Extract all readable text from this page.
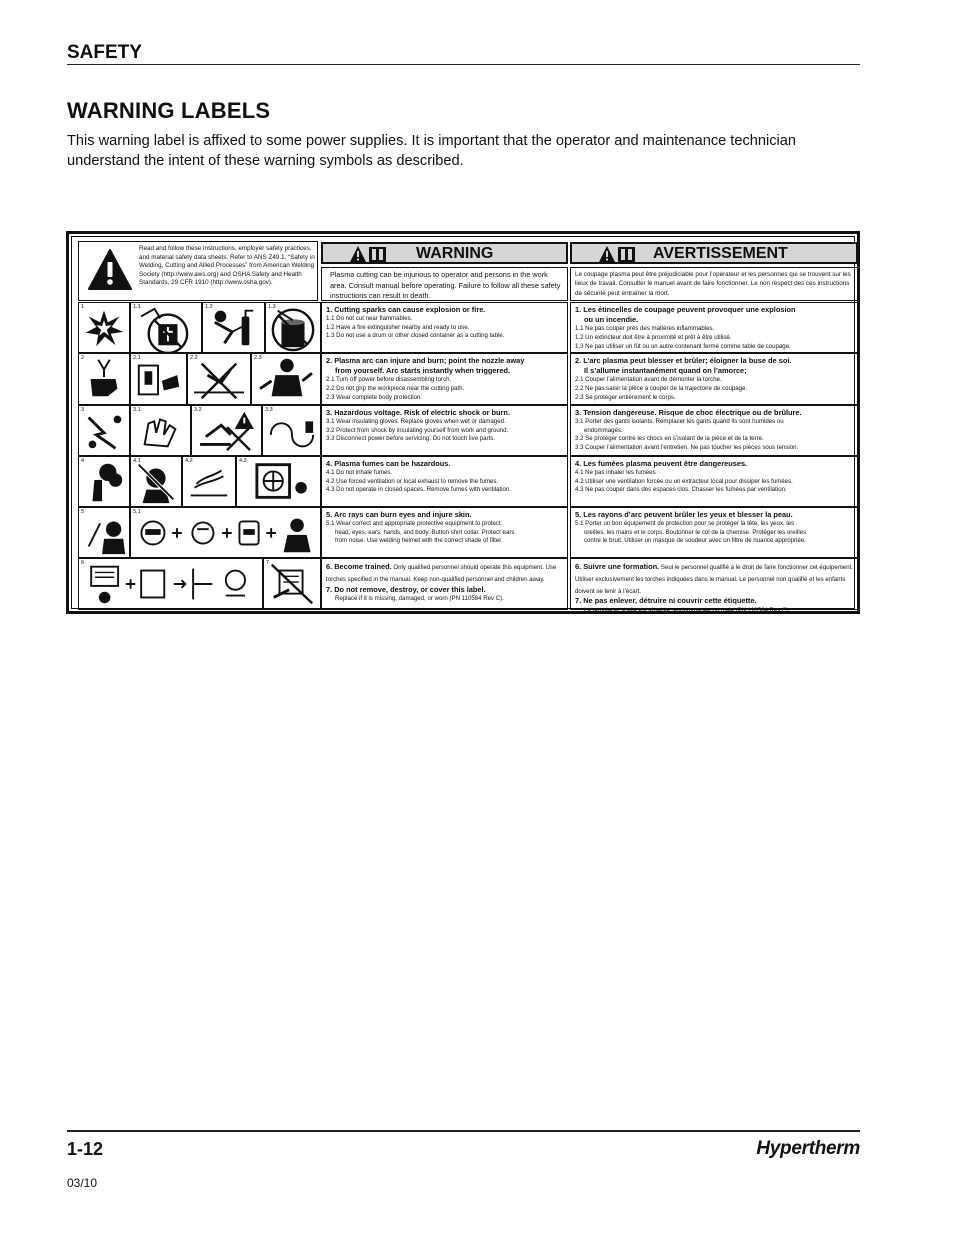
SAFETY
WARNING LABELS
This warning label is affixed to some power supplies. It is important that the operator and maintenance technician understand the intent of these warning symbols as described.
Read and follow these instructions, employer safety practices, and material safety data sheets. Refer to ANS Z49.1, “Safety in Welding, Cutting and Allied Processes” from American Welding Society (http://www.aws.org) and OSHA Safety and Health Standards, 29 CFR 1910 (http://www.osha.gov).
WARNING	AVERTISSEMENT
Plasma cutting can be injurious to operator and persons in the work area. Consult manual before operating. Failure to follow all these safety instructions can result in death.
Le coupage plasma peut être préjudiciable pour l’opérateur et les personnes qui se trouvent sur les lieux de travail. Consulter le manuel avant de faire fonctionner. Le non respect des ces instructions de sécurité peut entraîner la mort.
1	1.1	1.2	1.3	1. Cutting sparks can cause explosion or fire.
1.1 Do not cut near flammables.
1.2 Have a fire extinguisher nearby and ready to use.
1.3 Do not use a drum or other closed container as a cutting table.
1. Les étincelles de coupage peuvent provoquer une explosion
ou un incendie.
1.1 Ne pas couper près des matières inflammables.
1.2 Un extincteur doit être à proximité et prêt à être utilisé.
1.3 Ne pas utiliser un fût ou un autre contenant fermé comme table de coupage.
2	2.1	2.2	2.3	2. Plasma arc can injure and burn; point the nozzle away
from yourself. Arc starts instantly when triggered.
2.1 Turn off power before disassembling torch.
2.2 Do not grip the workpiece near the cutting path.
2.3 Wear complete body protection.
2. L’arc plasma peut blesser et brûler; éloigner la buse de soi.
Il s’allume instantanément quand on l’amorce;
2.1 Couper l’alimentation avant de démonter la torche.
2.2 Ne pas saisir la pièce à couper de la trajectoire de coupage.
2.3 Se protéger entièrement le corps.
3	3.1	3.2	3.3	3. Hazardous voltage. Risk of electric shock or burn.
3.1 Wear insulating gloves. Replace gloves when wet or damaged.
3.2 Protect from shock by insulating yourself from work and ground.
3.3 Disconnect power before servicing. Do not touch live parts.
3. Tension dangereuse. Risque de choc électrique ou de brûlure.
3.1 Porter des gants isolants. Remplacer les gants quand ils sont humides ou
endommagés.
3.2 Se protéger contre les chocs en s’isolant de la pièce et de la terre.
3.3 Couper l’alimentation avant l’entretien. Ne pas toucher les pièces sous tension.
4	4.1	4.2	4.3	4. Plasma fumes can be hazardous.
4.1 Do not inhale fumes.
4.2 Use forced ventilation or local exhaust to remove the fumes.
4.3 Do not operate in closed spaces. Remove fumes with ventilation.
4. Les fumées plasma peuvent être dangereuses.
4.1 Ne pas inhaler les fumées
4.2 Utiliser une ventilation forcée ou un extracteur local pour dissiper les fumées.
4.3 Ne pas couper dans des espaces clos. Chasser les fumées par ventilation.
5	5.1	5. Arc rays can burn eyes and injure skin.
5.1 Wear correct and appropriate protective equipment to protect
head, eyes, ears, hands, and body. Button shirt collar. Protect ears
from noise. Use welding helmet with the correct shade of filter.
5. Les rayons d’arc peuvent brûler les yeux et blesser la peau.
5.1 Porter un bon équipement de protection pour se protéger la tête, les yeux, les
oreilles, les mains et le corps. Boutonner le col de la chemise. Protéger les oreilles
contre le bruit. Utiliser un masque de soudeur avec un filtre de nuance appropriée.
6	7	6. Become trained. Only qualified personnel should operate this equipment. Use torches specified in the manual. Keep non-qualified personnel and children away.
7. Do not remove, destroy, or cover this label.
Replace if it is missing, damaged, or worn (PN 110584 Rev C).
6. Suivre une formation. Seul le personnel qualifié a le droit de faire fonctionner cet équipement. Utiliser exclusivement les torches indiquées dans le manual. Le personnel non qualifié et les enfants doivent se tenir à l’écart.
7. Ne pas enlever, détruire ni couvrir cette étiquette.
La remplacer si elle est absente, endommagée ou usée (PN 110584 Rev C).
1-12	Hypertherm
03/10
